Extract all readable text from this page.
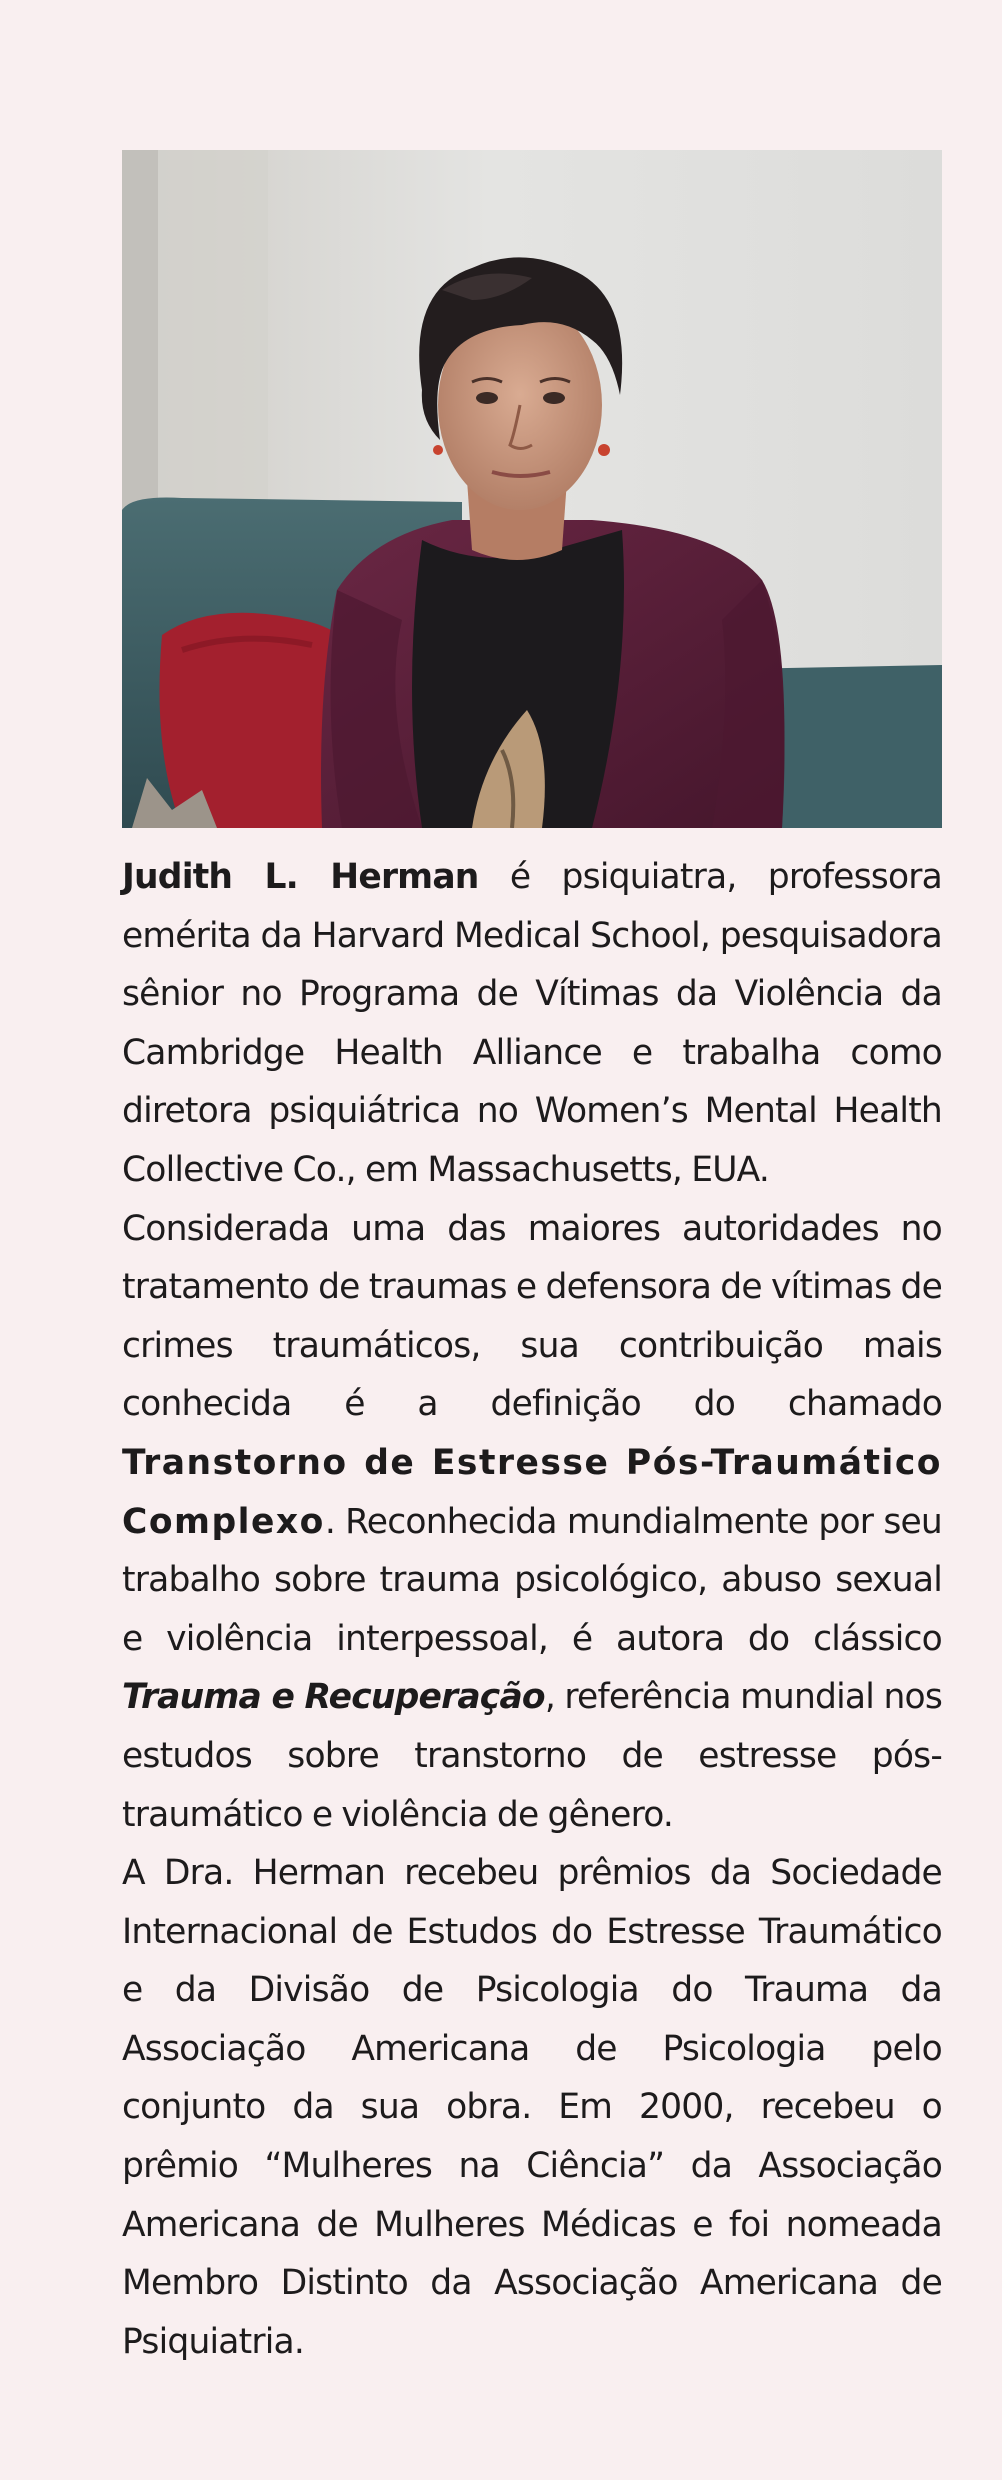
Judith L. Herman é psiquiatra, professora emérita da Harvard Medical School, pesquisadora sênior no Programa de Vítimas da Violência da Cambridge Health Alliance e trabalha como diretora psiquiátrica no Women’s Mental Health Collective Co., em Massachusetts, EUA.

Considerada uma das maiores autoridades no tratamento de traumas e defensora de vítimas de crimes traumáticos, sua contribuição mais conhecida é a definição do chamado Transtorno de Estresse Pós-Traumático Complexo. Reconhecida mundialmente por seu trabalho sobre trauma psicológico, abuso sexual e violência interpessoal, é autora do clássico Trauma e Recuperação, referência mundial nos estudos sobre transtorno de estresse pós-traumático e violência de gênero.

A Dra. Herman recebeu prêmios da Sociedade Internacional de Estudos do Estresse Traumático e da Divisão de Psicologia do Trauma da Associação Americana de Psicologia pelo conjunto da sua obra. Em 2000, recebeu o prêmio “Mulheres na Ciência” da Associação Americana de Mulheres Médicas e foi nomeada Membro Distinto da Associação Americana de Psiquiatria.
